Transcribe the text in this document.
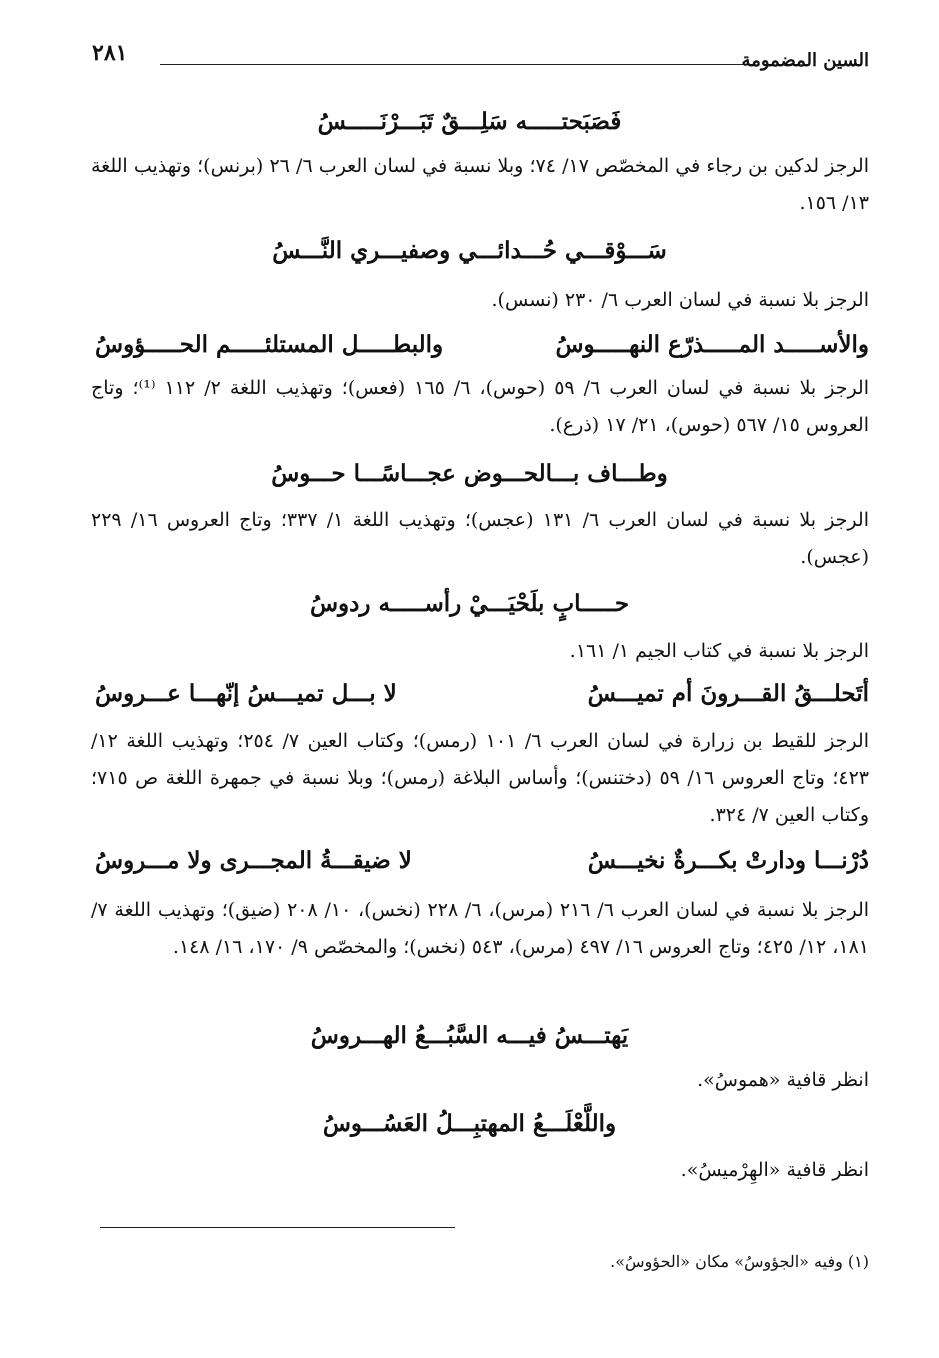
السين المضمومة
٢٨١
فَصَبَحتـــــه سَلِـــقٌ تَبَـــرْنَـــــسُ
الرجز لدكين بن رجاء في المخصّص ١٧/ ٧٤؛ وبلا نسبة في لسان العرب ٦/ ٢٦ (برنس)؛ وتهذيب اللغة ١٣/ ١٥٦.
سَـــوْقـــي حُـــدائـــي وصفيـــري النَّـــسُ
الرجز بلا نسبة في لسان العرب ٦/ ٢٣٠ (نسس).
والأســـــد المـــــذرّع النهـــــوسُ
والبطـــــل المستلئـــــم الحـــــؤوسُ
الرجز بلا نسبة في لسان العرب ٦/ ٥٩ (حوس)، ٦/ ١٦٥ (فعس)؛ وتهذيب اللغة ٢/ ١١٢ ⁽¹⁾؛ وتاج العروس ١٥/ ٥٦٧ (حوس)، ٢١/ ١٧ (ذرع).
وطـــاف بـــالحـــوض عجـــاسًـــا حـــوسُ
الرجز بلا نسبة في لسان العرب ٦/ ١٣١ (عجس)؛ وتهذيب اللغة ١/ ٣٣٧؛ وتاج العروس ١٦/ ٢٢٩ (عجس).
حـــــابٍ بلَحْيَـــيْ رأســـــه ردوسُ
الرجز بلا نسبة في كتاب الجيم ١/ ١٦١.
أتَحلـــقُ القـــرونَ أم تميـــسُ
لا بـــل تميـــسُ إنّهـــا عـــروسُ
الرجز للقيط بن زرارة في لسان العرب ٦/ ١٠١ (رمس)؛ وكتاب العين ٧/ ٢٥٤؛ وتهذيب اللغة ١٢/ ٤٢٣؛ وتاج العروس ١٦/ ٥٩ (دختنس)؛ وأساس البلاغة (رمس)؛ وبلا نسبة في جمهرة اللغة ص ٧١٥؛ وكتاب العين ٧/ ٣٢٤.
دُرْنـــا ودارتْ بكـــرةٌ نخيـــسُ
لا ضيقـــةُ المجـــرى ولا مـــروسُ
الرجز بلا نسبة في لسان العرب ٦/ ٢١٦ (مرس)، ٦/ ٢٢٨ (نخس)، ١٠/ ٢٠٨ (ضيق)؛ وتهذيب اللغة ٧/ ١٨١، ١٢/ ٤٢٥؛ وتاج العروس ١٦/ ٤٩٧ (مرس)، ٥٤٣ (نخس)؛ والمخصّص ٩/ ١٧٠، ١٦/ ١٤٨.
يَهتـــسُ فيـــه السَّبُـــعُ الهـــروسُ
انظر قافية «هموسُ».
واللَّعْلَـــعُ المهتبِـــلُ العَسُـــوسُ
انظر قافية «الهِرْميسُ».
(١) وفيه «الجؤوسُ» مكان «الحؤوسُ».
